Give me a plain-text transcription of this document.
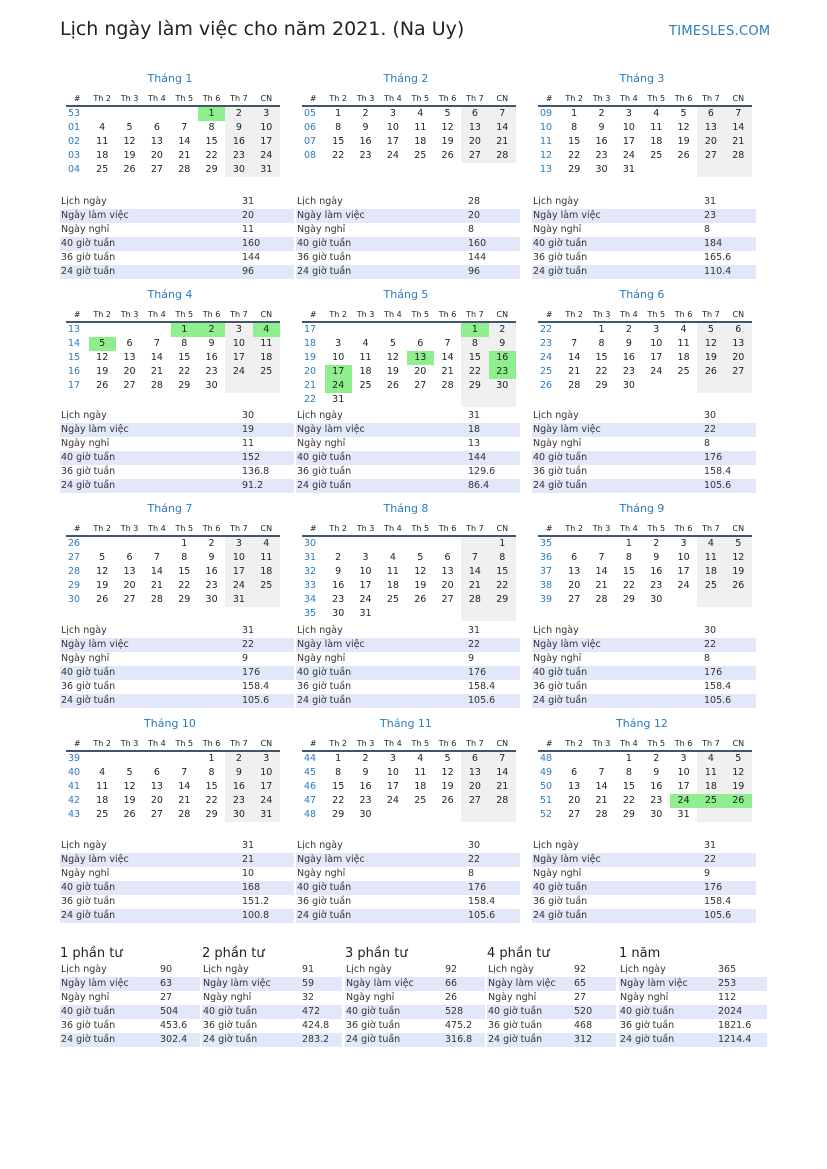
Lịch ngày làm việc cho năm 2021. (Na Uy)	TIMESLES.COM
Tháng 1
#	Th 2	Th 3	Th 4	Th 5	Th 6	Th 7	CN
53					1	2	3
01	4	5	6	7	8	9	10
02	11	12	13	14	15	16	17
03	18	19	20	21	22	23	24
04	25	26	27	28	29	30	31
Lịch ngày	31
Ngày làm việc	20
Ngày nghỉ	11
40 giờ tuần	160
36 giờ tuần	144
24 giờ tuần	96
Tháng 2
#	Th 2	Th 3	Th 4	Th 5	Th 6	Th 7	CN
05	1	2	3	4	5	6	7
06	8	9	10	11	12	13	14
07	15	16	17	18	19	20	21
08	22	23	24	25	26	27	28
Lịch ngày	28
Ngày làm việc	20
Ngày nghỉ	8
40 giờ tuần	160
36 giờ tuần	144
24 giờ tuần	96
Tháng 3
#	Th 2	Th 3	Th 4	Th 5	Th 6	Th 7	CN
09	1	2	3	4	5	6	7
10	8	9	10	11	12	13	14
11	15	16	17	18	19	20	21
12	22	23	24	25	26	27	28
13	29	30	31				
Lịch ngày	31
Ngày làm việc	23
Ngày nghỉ	8
40 giờ tuần	184
36 giờ tuần	165.6
24 giờ tuần	110.4
Tháng 4
#	Th 2	Th 3	Th 4	Th 5	Th 6	Th 7	CN
13				1	2	3	4
14	5	6	7	8	9	10	11
15	12	13	14	15	16	17	18
16	19	20	21	22	23	24	25
17	26	27	28	29	30		
Lịch ngày	30
Ngày làm việc	19
Ngày nghỉ	11
40 giờ tuần	152
36 giờ tuần	136.8
24 giờ tuần	91.2
Tháng 5
#	Th 2	Th 3	Th 4	Th 5	Th 6	Th 7	CN
17						1	2
18	3	4	5	6	7	8	9
19	10	11	12	13	14	15	16
20	17	18	19	20	21	22	23
21	24	25	26	27	28	29	30
22	31						
Lịch ngày	31
Ngày làm việc	18
Ngày nghỉ	13
40 giờ tuần	144
36 giờ tuần	129.6
24 giờ tuần	86.4
Tháng 6
#	Th 2	Th 3	Th 4	Th 5	Th 6	Th 7	CN
22		1	2	3	4	5	6
23	7	8	9	10	11	12	13
24	14	15	16	17	18	19	20
25	21	22	23	24	25	26	27
26	28	29	30				
Lịch ngày	30
Ngày làm việc	22
Ngày nghỉ	8
40 giờ tuần	176
36 giờ tuần	158.4
24 giờ tuần	105.6
Tháng 7
#	Th 2	Th 3	Th 4	Th 5	Th 6	Th 7	CN
26				1	2	3	4
27	5	6	7	8	9	10	11
28	12	13	14	15	16	17	18
29	19	20	21	22	23	24	25
30	26	27	28	29	30	31	
Lịch ngày	31
Ngày làm việc	22
Ngày nghỉ	9
40 giờ tuần	176
36 giờ tuần	158.4
24 giờ tuần	105.6
Tháng 8
#	Th 2	Th 3	Th 4	Th 5	Th 6	Th 7	CN
30							1
31	2	3	4	5	6	7	8
32	9	10	11	12	13	14	15
33	16	17	18	19	20	21	22
34	23	24	25	26	27	28	29
35	30	31					
Lịch ngày	31
Ngày làm việc	22
Ngày nghỉ	9
40 giờ tuần	176
36 giờ tuần	158.4
24 giờ tuần	105.6
Tháng 9
#	Th 2	Th 3	Th 4	Th 5	Th 6	Th 7	CN
35			1	2	3	4	5
36	6	7	8	9	10	11	12
37	13	14	15	16	17	18	19
38	20	21	22	23	24	25	26
39	27	28	29	30			
Lịch ngày	30
Ngày làm việc	22
Ngày nghỉ	8
40 giờ tuần	176
36 giờ tuần	158.4
24 giờ tuần	105.6
Tháng 10
#	Th 2	Th 3	Th 4	Th 5	Th 6	Th 7	CN
39					1	2	3
40	4	5	6	7	8	9	10
41	11	12	13	14	15	16	17
42	18	19	20	21	22	23	24
43	25	26	27	28	29	30	31
Lịch ngày	31
Ngày làm việc	21
Ngày nghỉ	10
40 giờ tuần	168
36 giờ tuần	151.2
24 giờ tuần	100.8
Tháng 11
#	Th 2	Th 3	Th 4	Th 5	Th 6	Th 7	CN
44	1	2	3	4	5	6	7
45	8	9	10	11	12	13	14
46	15	16	17	18	19	20	21
47	22	23	24	25	26	27	28
48	29	30					
Lịch ngày	30
Ngày làm việc	22
Ngày nghỉ	8
40 giờ tuần	176
36 giờ tuần	158.4
24 giờ tuần	105.6
Tháng 12
#	Th 2	Th 3	Th 4	Th 5	Th 6	Th 7	CN
48			1	2	3	4	5
49	6	7	8	9	10	11	12
50	13	14	15	16	17	18	19
51	20	21	22	23	24	25	26
52	27	28	29	30	31		
Lịch ngày	31
Ngày làm việc	22
Ngày nghỉ	9
40 giờ tuần	176
36 giờ tuần	158.4
24 giờ tuần	105.6
1 phần tư
Lịch ngày	90
Ngày làm việc	63
Ngày nghỉ	27
40 giờ tuần	504
36 giờ tuần	453.6
24 giờ tuần	302.4
2 phần tư
Lịch ngày	91
Ngày làm việc	59
Ngày nghỉ	32
40 giờ tuần	472
36 giờ tuần	424.8
24 giờ tuần	283.2
3 phần tư
Lịch ngày	92
Ngày làm việc	66
Ngày nghỉ	26
40 giờ tuần	528
36 giờ tuần	475.2
24 giờ tuần	316.8
4 phần tư
Lịch ngày	92
Ngày làm việc	65
Ngày nghỉ	27
40 giờ tuần	520
36 giờ tuần	468
24 giờ tuần	312
1 năm
Lịch ngày	365
Ngày làm việc	253
Ngày nghỉ	112
40 giờ tuần	2024
36 giờ tuần	1821.6
24 giờ tuần	1214.4
